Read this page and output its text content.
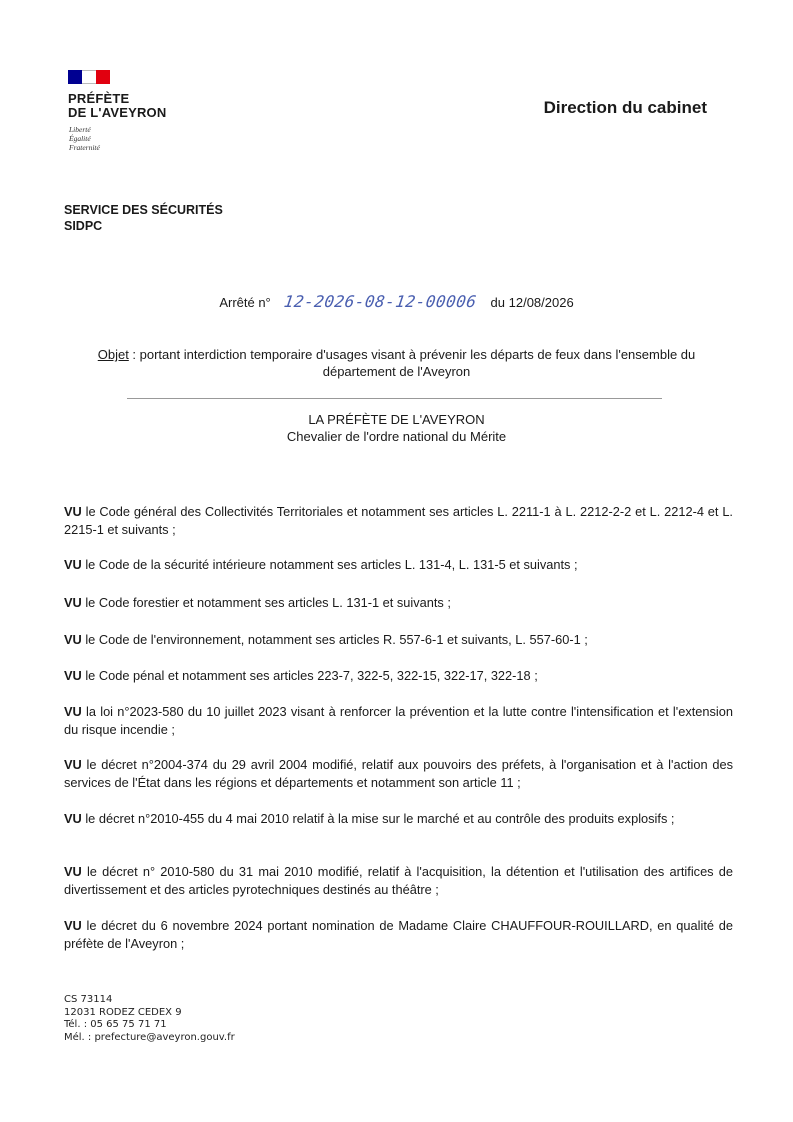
PRÉFÈTE
DE L'AVEYRON
Liberté
Égalité
Fraternité
Direction du cabinet
SERVICE DES SÉCURITÉS
SIDPC
Arrêté n° 12-2026-08-12-00006 du 12/08/2026
Objet : portant interdiction temporaire d'usages visant à prévenir les départs de feux dans l'ensemble du département de l'Aveyron
LA PRÉFÈTE DE L'AVEYRON
Chevalier de l'ordre national du Mérite
VU le Code général des Collectivités Territoriales et notamment ses articles L. 2211-1 à L. 2212-2-2 et L. 2212-4 et L. 2215-1 et suivants ;
VU le Code de la sécurité intérieure notamment ses articles L. 131-4, L. 131-5 et suivants ;
VU le Code forestier et notamment ses articles L. 131-1 et suivants ;
VU le Code de l'environnement, notamment ses articles R. 557-6-1 et suivants, L. 557-60-1 ;
VU le Code pénal et notamment ses articles 223-7, 322-5, 322-15, 322-17, 322-18 ;
VU la loi n°2023-580 du 10 juillet 2023 visant à renforcer la prévention et la lutte contre l'intensification et l'extension du risque incendie ;
VU le décret n°2004-374 du 29 avril 2004 modifié, relatif aux pouvoirs des préfets, à l'organisation et à l'action des services de l'État dans les régions et départements et notamment son article 11 ;
VU le décret n°2010-455 du 4 mai 2010 relatif à la mise sur le marché et au contrôle des produits explosifs ;
VU le décret n° 2010-580 du 31 mai 2010 modifié, relatif à l'acquisition, la détention et l'utilisation des artifices de divertissement et des articles pyrotechniques destinés au théâtre ;
VU le décret du 6 novembre 2024 portant nomination de Madame Claire CHAUFFOUR-ROUILLARD, en qualité de préfète de l'Aveyron ;
CS 73114
12031 RODEZ CEDEX 9
Tél. : 05 65 75 71 71
Mél. : prefecture@aveyron.gouv.fr
